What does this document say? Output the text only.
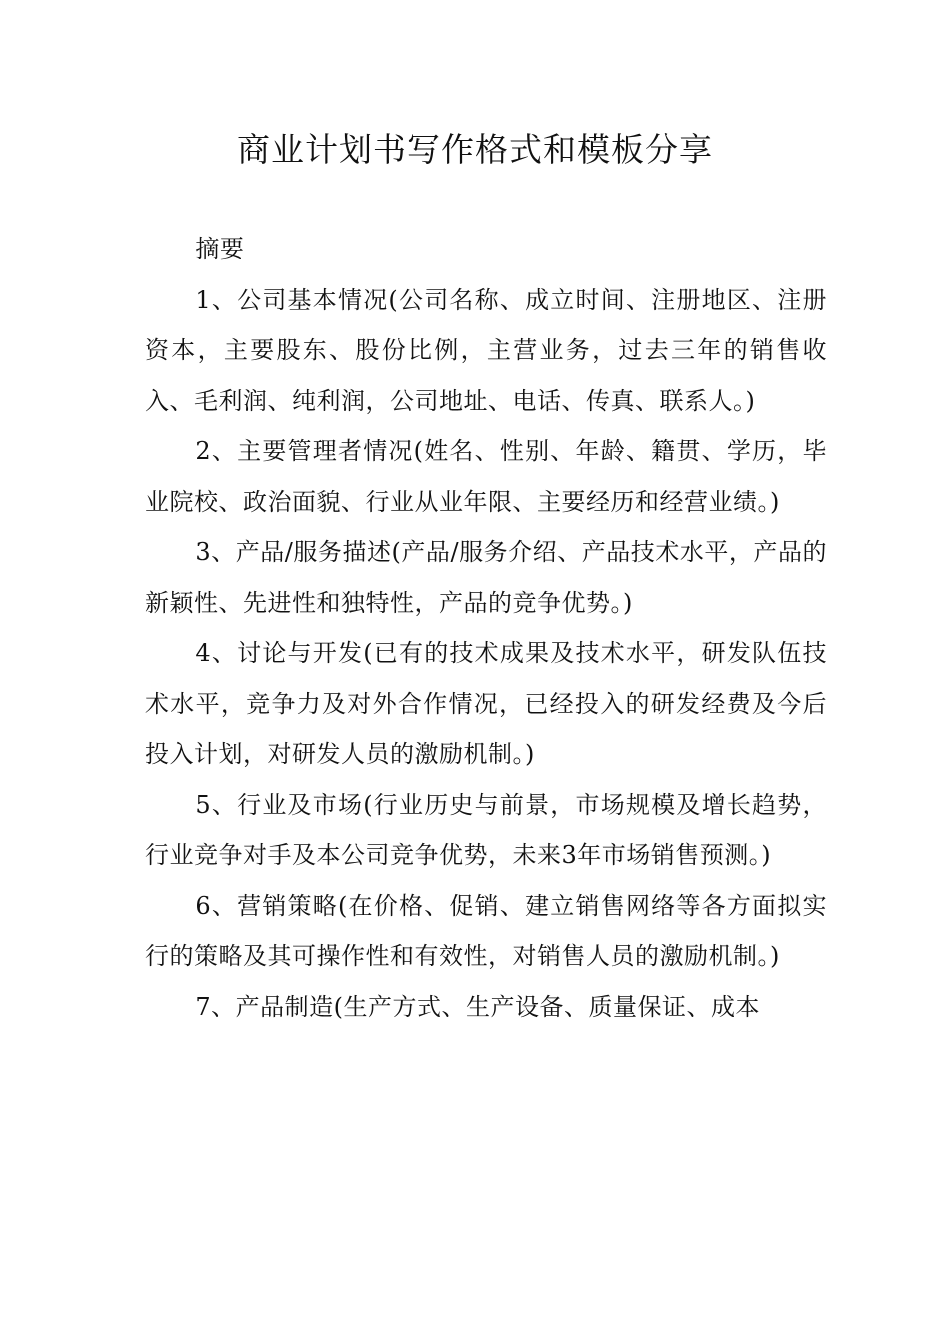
商业计划书写作格式和模板分享

摘要

1、公司基本情况(公司名称、成立时间、注册地区、注册资本，主要股东、股份比例，主营业务，过去三年的销售收入、毛利润、纯利润，公司地址、电话、传真、联系人。)

2、主要管理者情况(姓名、性别、年龄、籍贯、学历，毕业院校、政治面貌、行业从业年限、主要经历和经营业绩。)

3、产品/服务描述(产品/服务介绍、产品技术水平，产品的新颖性、先进性和独特性，产品的竞争优势。)

4、讨论与开发(已有的技术成果及技术水平，研发队伍技术水平，竞争力及对外合作情况，已经投入的研发经费及今后投入计划，对研发人员的激励机制。)

5、行业及市场(行业历史与前景，市场规模及增长趋势，行业竞争对手及本公司竞争优势，未来3年市场销售预测。)

6、营销策略(在价格、促销、建立销售网络等各方面拟实行的策略及其可操作性和有效性，对销售人员的激励机制。)

7、产品制造(生产方式、生产设备、质量保证、成本
